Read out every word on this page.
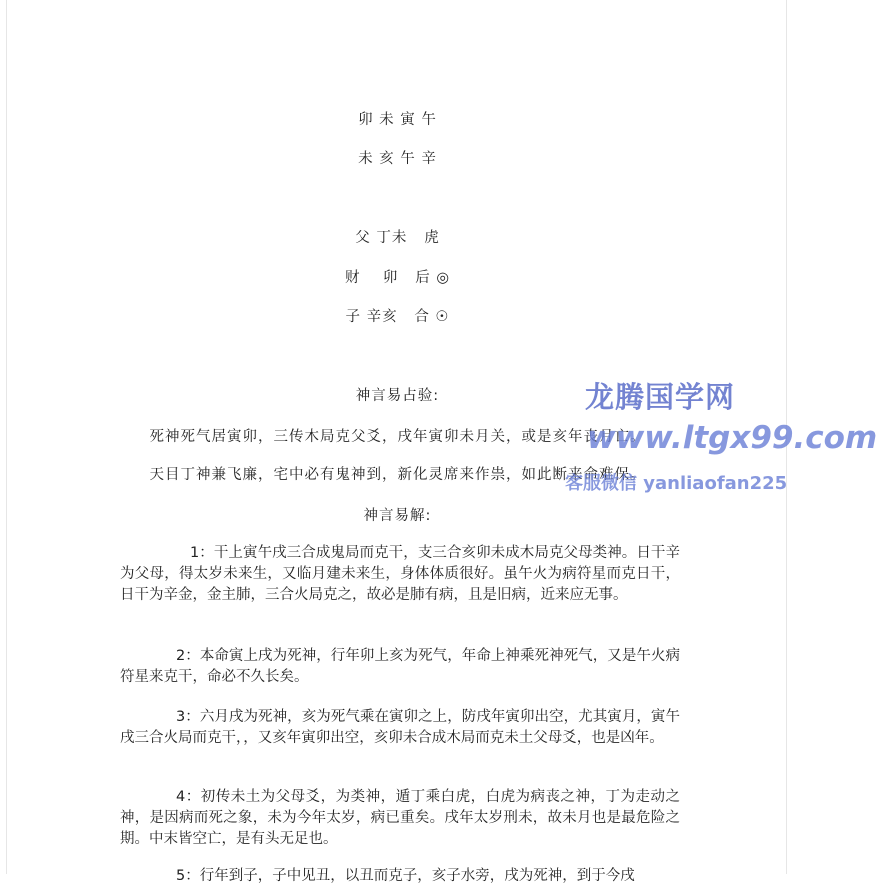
卯 未 寅 午
未 亥 午 辛
父 丁未   虎
财    卯   后 ◎
子 辛亥   合 ☉
神言易占验:
死神死气居寅卯，三传木局克父爻，戌年寅卯未月关，或是亥年丧月亡。
天目丁神兼飞廉，宅中必有鬼神到，新化灵席来作祟，如此断来命难保。
神言易解:
1：干上寅午戌三合成鬼局而克干，支三合亥卯未成木局克父母类神。日干辛为父母，得太岁未来生，又临月建未来生，身体体质很好。虽午火为病符星而克日干，日干为辛金，金主肺，三合火局克之，故必是肺有病，且是旧病，近来应无事。
2：本命寅上戌为死神，行年卯上亥为死气，年命上神乘死神死气，又是午火病符星来克干，命必不久长矣。
3：六月戌为死神，亥为死气乘在寅卯之上，防戌年寅卯出空，尤其寅月，寅午戌三合火局而克干，，又亥年寅卯出空，亥卯未合成木局而克未土父母爻，也是凶年。
4：初传未土为父母爻，为类神，遁丁乘白虎，白虎为病丧之神，丁为走动之神，是因病而死之象，未为今年太岁，病已重矣。戌年太岁刑未，故未月也是最危险之期。中末皆空亡，是有头无足也。
5：行年到子，子中见丑，以丑而克子，亥子水旁，戌为死神，到于今戌
龙腾国学网
www.ltgx99.com
客服微信 yanliaofan225
